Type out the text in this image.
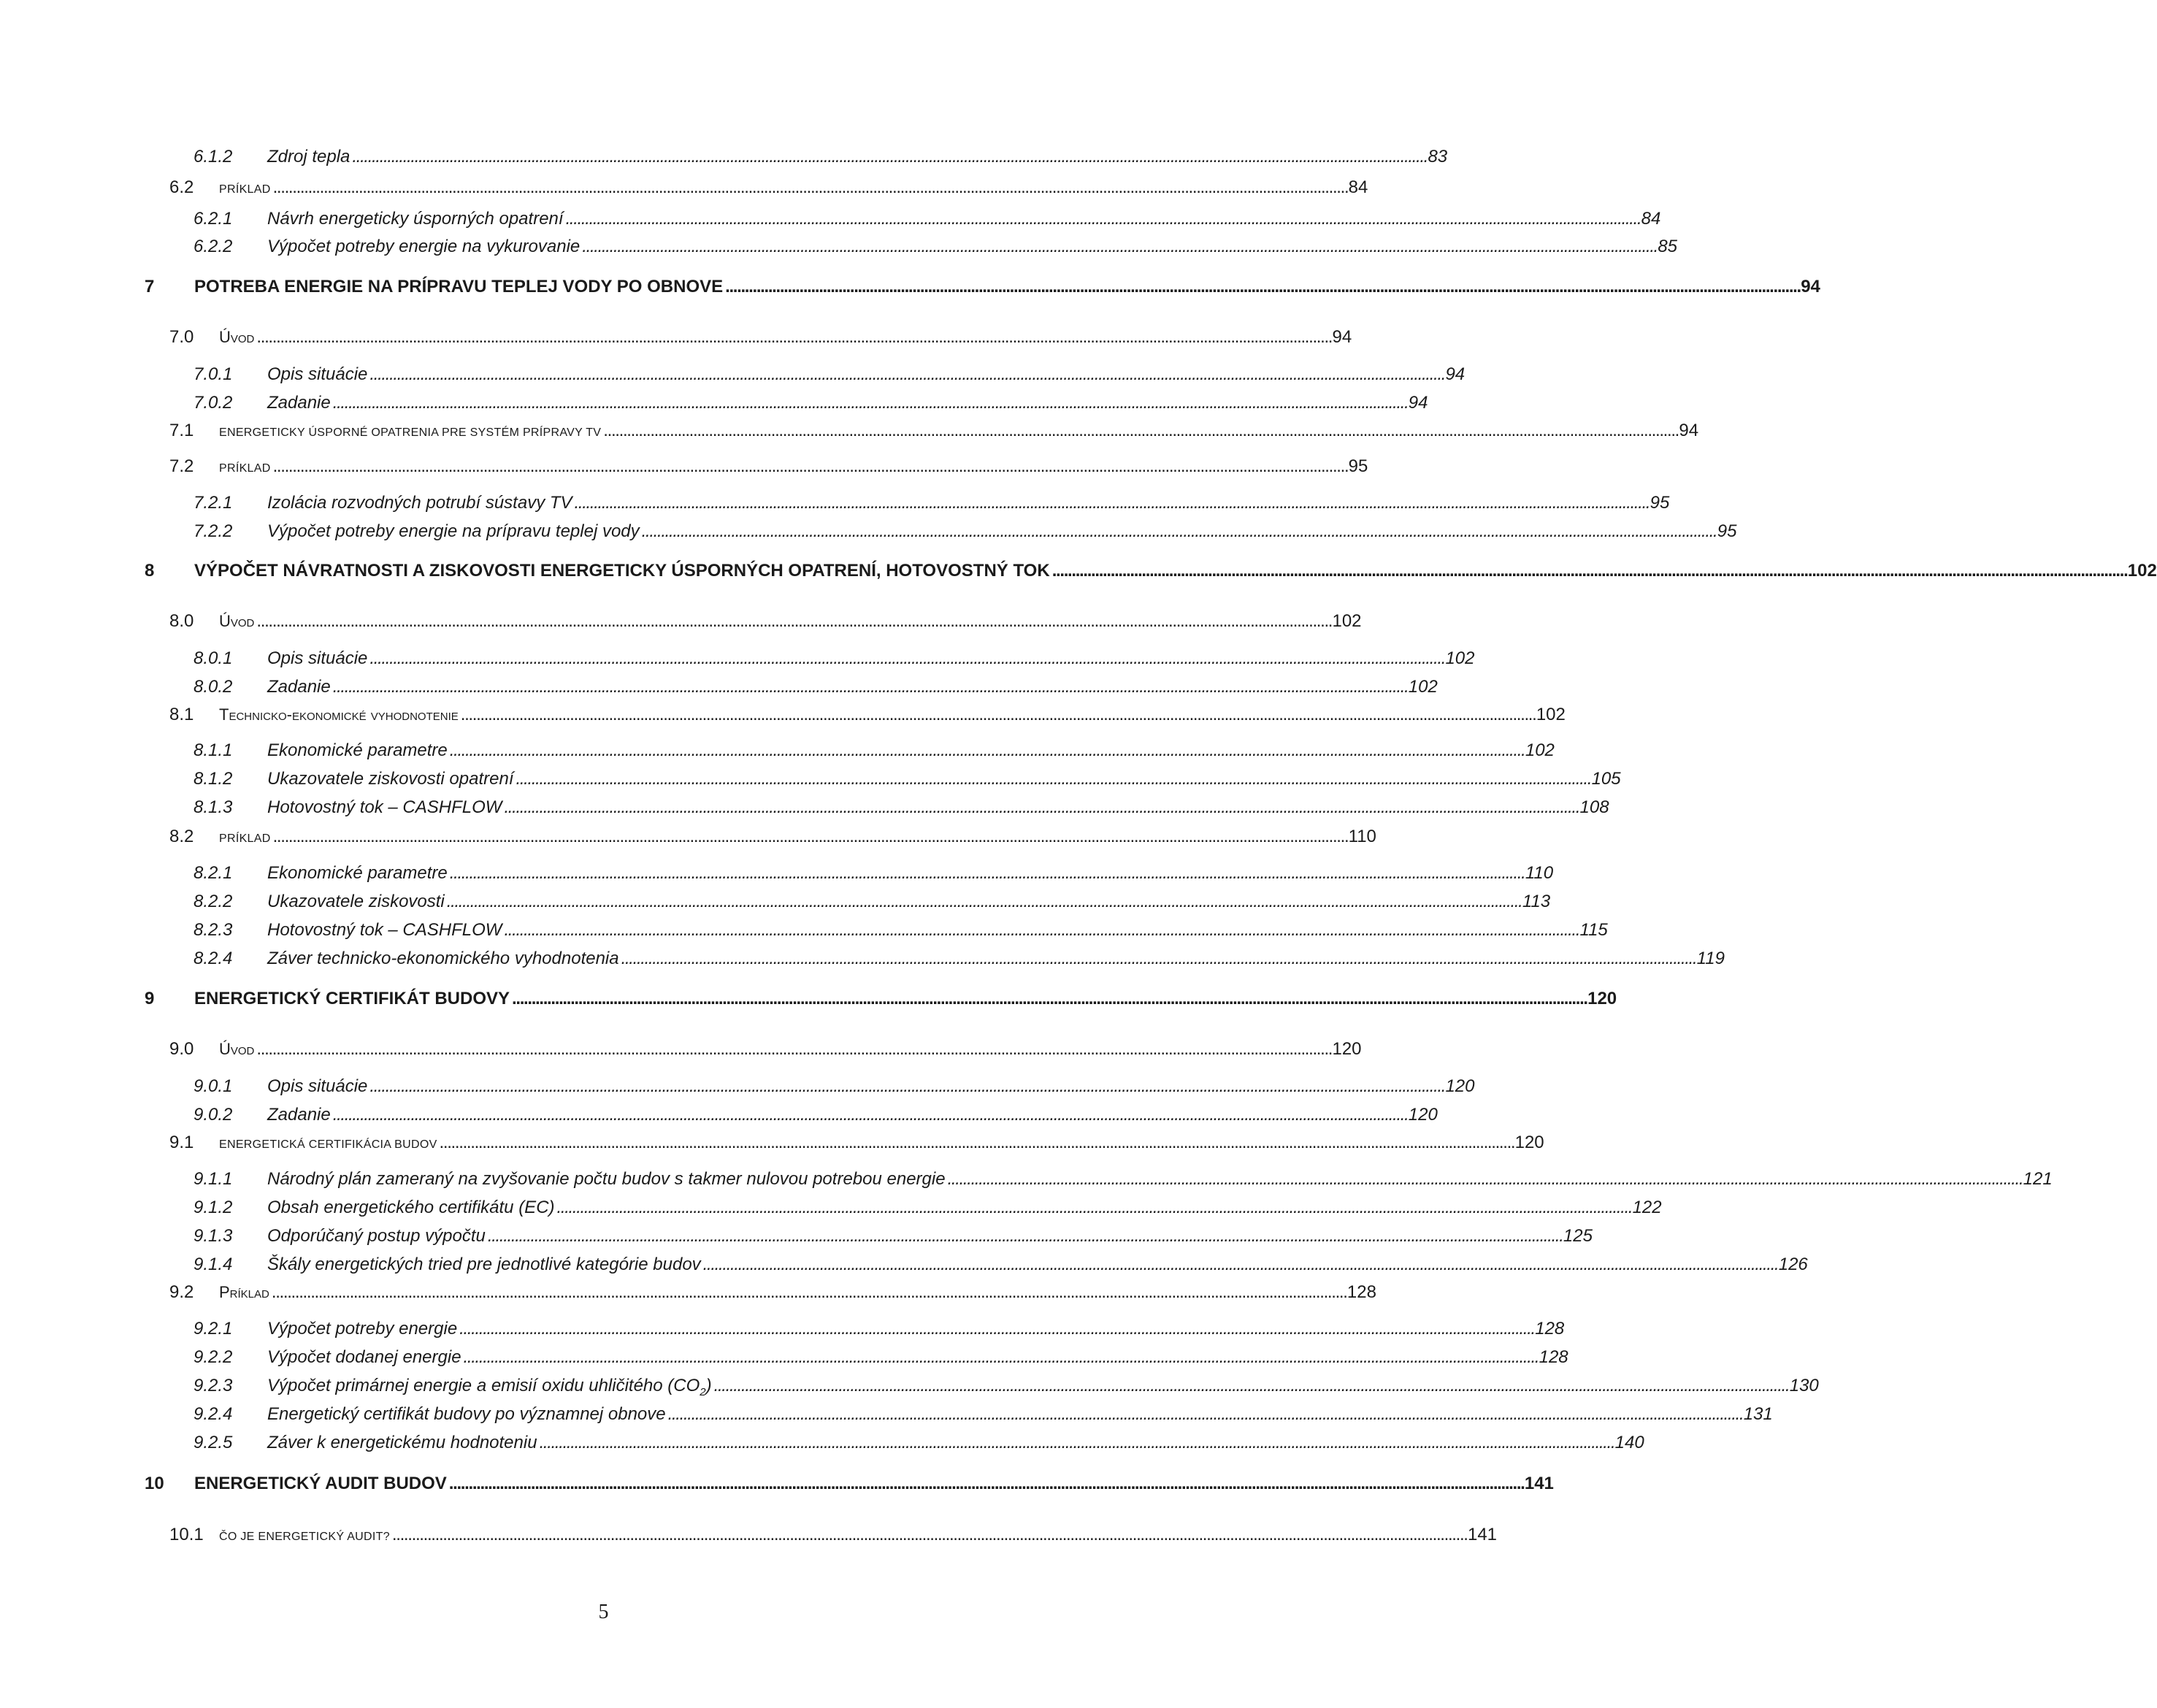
6.1.2	Zdroj tepla . . .	83
6.2	PRÍKLAD . . .	84
6.2.1	Návrh energeticky úsporných opatrení . . .	84
6.2.2	Výpočet potreby energie na vykurovanie . . .	85
7	POTREBA ENERGIE NA PRÍPRAVU TEPLEJ VODY PO OBNOVE . . .	94
7.0	Úvod . . .	94
7.0.1	Opis situácie . . .	94
7.0.2	Zadanie . . .	94
7.1	ENERGETICKY ÚSPORNÉ OPATRENIA PRE SYSTÉM PRÍPRAVY TV . . .	94
7.2	PRÍKLAD . . .	95
7.2.1	Izolácia rozvodných potrubí sústavy TV . . .	95
7.2.2	Výpočet potreby energie na prípravu teplej vody . . .	95
8	VÝPOČET NÁVRATNOSTI A ZISKOVOSTI ENERGETICKY ÚSPORNÝCH OPATRENÍ, HOTOVOSTNÝ TOK . . .	102
8.0	Úvod . . .	102
8.0.1	Opis situácie . . .	102
8.0.2	Zadanie . . .	102
8.1	Technicko-ekonomické vyhodnotenie . . .	102
8.1.1	Ekonomické parametre . . .	102
8.1.2	Ukazovatele ziskovosti opatrení . . .	105
8.1.3	Hotovostný tok – CASHFLOW . . .	108
8.2	PRÍKLAD . . .	110
8.2.1	Ekonomické parametre . . .	110
8.2.2	Ukazovatele ziskovosti . . .	113
8.2.3	Hotovostný tok – CASHFLOW . . .	115
8.2.4	Záver technicko-ekonomického vyhodnotenia . . .	119
9	ENERGETICKÝ CERTIFIKÁT BUDOVY . . .	120
9.0	Úvod . . .	120
9.0.1	Opis situácie . . .	120
9.0.2	Zadanie . . .	120
9.1	ENERGETICKÁ CERTIFIKÁCIA BUDOV . . .	120
9.1.1	Národný plán zameraný na zvyšovanie počtu budov s takmer nulovou potrebou energie . . .	121
9.1.2	Obsah energetického certifikátu (EC) . . .	122
9.1.3	Odporúčaný postup výpočtu . . .	125
9.1.4	Škály energetických tried pre jednotlivé kategórie budov . . .	126
9.2	Príklad . . .	128
9.2.1	Výpočet potreby energie . . .	128
9.2.2	Výpočet dodanej energie . . .	128
9.2.3	Výpočet primárnej energie a emisií oxidu uhličitého $(CO_2)$ . . .	130
9.2.4	Energetický certifikát budovy po významnej obnove . . .	131
9.2.5	Záver k energetickému hodnoteniu . . .	140
10	ENERGETICKÝ AUDIT BUDOV . . .	141
10.1	ČO JE ENERGETICKÝ AUDIT? . . .	141
5
